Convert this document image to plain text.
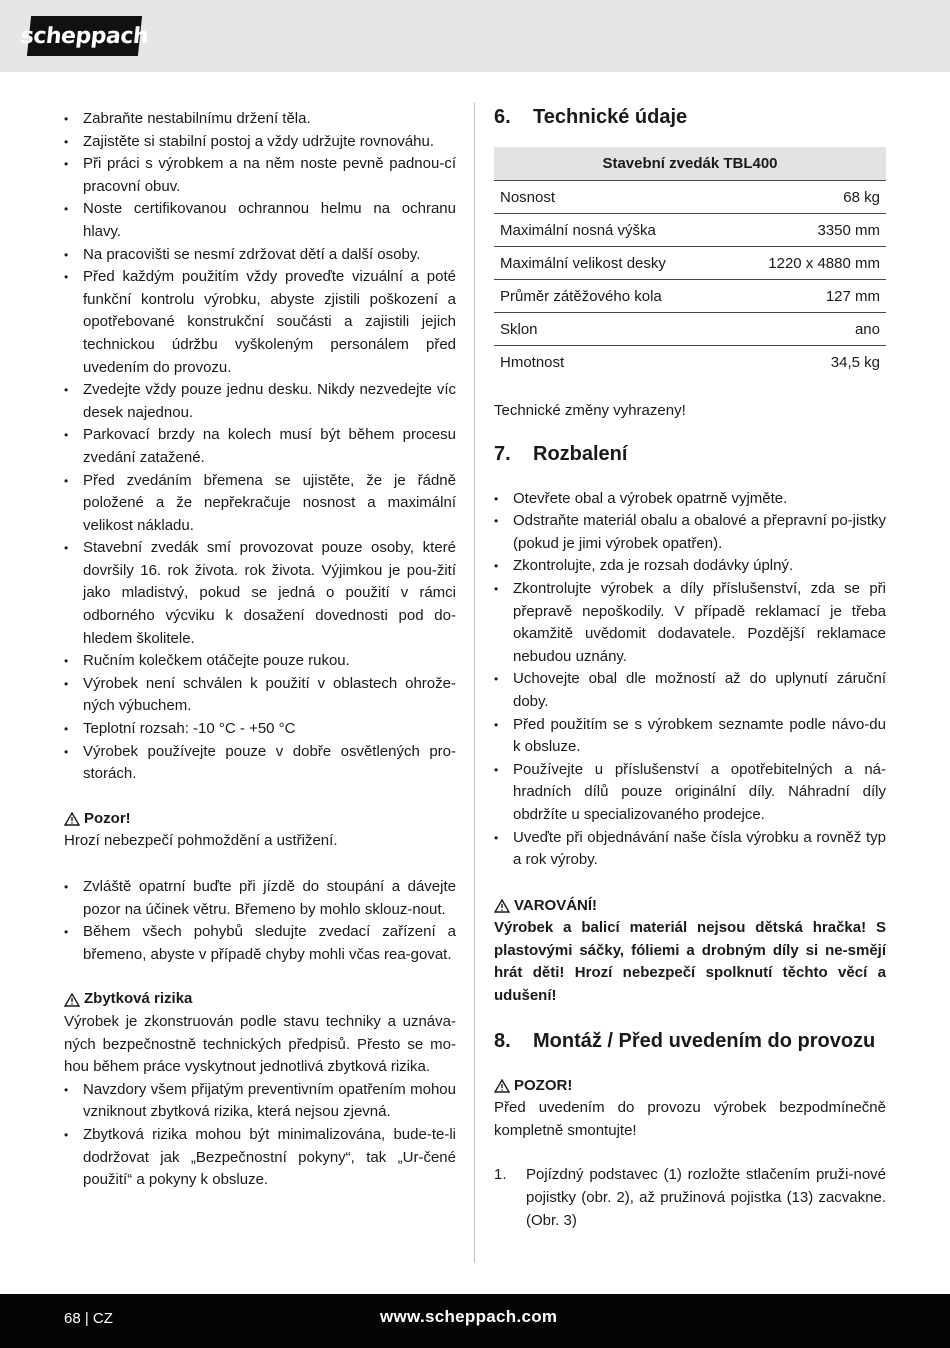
scheppach
• Zabraňte nestabilnímu držení těla.
• Zajistěte si stabilní postoj a vždy udržujte rovnováhu.
• Při práci s výrobkem a na něm noste pevně padnou-cí pracovní obuv.
• Noste certifikovanou ochrannou helmu na ochranu hlavy.
• Na pracovišti se nesmí zdržovat dětí a další osoby.
• Před každým použitím vždy proveďte vizuální a poté funkční kontrolu výrobku, abyste zjistili poškození a opotřebované konstrukční součásti a zajistili jejich technickou údržbu vyškoleným personálem před uvedením do provozu.
• Zvedejte vždy pouze jednu desku. Nikdy nezvedejte víc desek najednou.
• Parkovací brzdy na kolech musí být během procesu zvedání zatažené.
• Před zvedáním břemena se ujistěte, že je řádně položené a že nepřekračuje nosnost a maximální velikost nákladu.
• Stavební zvedák smí provozovat pouze osoby, které dovršily 16. rok života. rok života. Výjimkou je pou-žití jako mladistvý, pokud se jedná o použití v rámci odborného výcviku k dosažení dovednosti pod do-hledem školitele.
• Ručním kolečkem otáčejte pouze rukou.
• Výrobek není schválen k použití v oblastech ohrože-ných výbuchem.
• Teplotní rozsah: -10 °C - +50 °C
• Výrobek používejte pouze v dobře osvětlených pro-storách.

Pozor!

Hrozí nebezpečí pohmoždění a ustřižení.

• Zvláště opatrní buďte při jízdě do stoupání a dávejte pozor na účinek větru. Břemeno by mohlo sklouz-nout.
• Během všech pohybů sledujte zvedací zařízení a břemeno, abyste v případě chyby mohli včas rea-govat.

Zbytková rizika

Výrobek je zkonstruován podle stavu techniky a uznáva-ných bezpečnostně technických předpisů. Přesto se mo-hou během práce vyskytnout jednotlivá zbytková rizika.

• Navzdory všem přijatým preventivním opatřením mohou vzniknout zbytková rizika, která nejsou zjevná.
• Zbytková rizika mohou být minimalizována, bude-te-li dodržovat jak „Bezpečnostní pokyny“, tak „Ur-čené použití“ a pokyny k obsluze.
6.	Technické údaje
Stavební zvedák TBL400	
Nosnost	68 kg
Maximální nosná výška	3350 mm
Maximální velikost desky	1220 x 4880 mm
Průměr zátěžového kola	127 mm
Sklon	ano
Hmotnost	34,5 kg

Technické změny vyhrazeny!

7.	Rozbalení
• Otevřete obal a výrobek opatrně vyjměte.
• Odstraňte materiál obalu a obalové a přepravní po-jistky (pokud je jimi výrobek opatřen).
• Zkontrolujte, zda je rozsah dodávky úplný.
• Zkontrolujte výrobek a díly příslušenství, zda se při přepravě nepoškodily. V případě reklamací je třeba okamžitě uvědomit dodavatele. Pozdější reklamace nebudou uznány.
• Uchovejte obal dle možností až do uplynutí záruční doby.
• Před použitím se s výrobkem seznamte podle návo-du k obsluze.
• Používejte u příslušenství a opotřebitelných a ná-hradních dílů pouze originální díly. Náhradní díly obdržíte u specializovaného prodejce.
• Uveďte při objednávání naše čísla výrobku a rovněž typ a rok výroby.

VAROVÁNÍ!

Výrobek a balicí materiál nejsou dětská hračka! S plastovými sáčky, fóliemi a drobným díly si ne-smějí hrát děti! Hrozí nebezpečí spolknutí těchto věcí a udušení!

8.	Montáž / Před uvedením do provozu

POZOR!

Před uvedením do provozu výrobek bezpodmínečně kompletně smontujte!

1. Pojízdný podstavec (1) rozložte stlačením pruži-nové pojistky (obr. 2), až pružinová pojistka (13) zacvakne. (Obr. 3)
68 | CZ	www.scheppach.com
